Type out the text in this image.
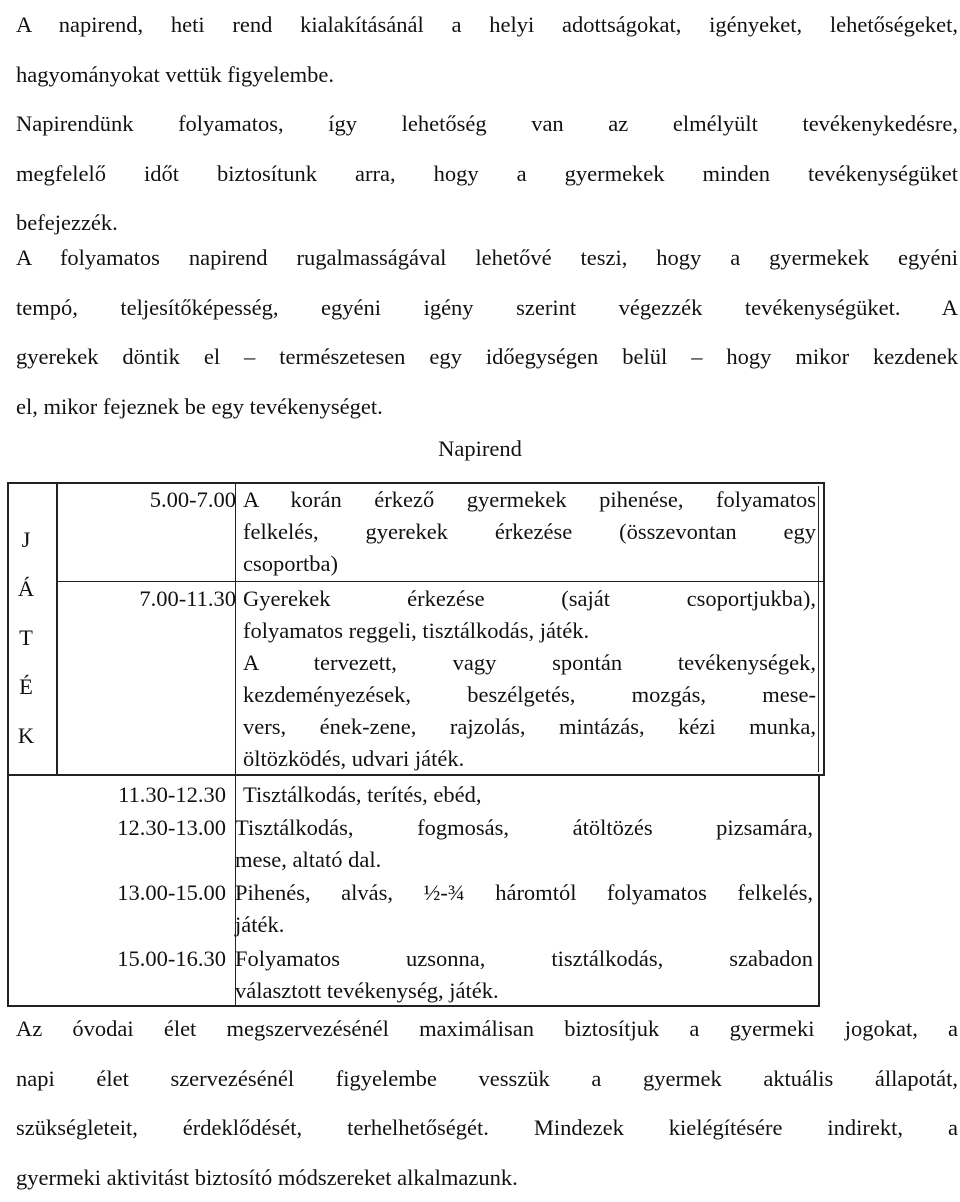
A napirend, heti rend kialakításánál a helyi adottságokat, igényeket, lehetőségeket,
hagyományokat vettük figyelembe.
Napirendünk folyamatos, így lehetőség van az elmélyült tevékenykedésre,
megfelelő időt biztosítunk arra, hogy a gyermekek minden tevékenységüket
befejezzék.
A folyamatos napirend rugalmasságával lehetővé teszi, hogy a gyermekek egyéni
tempó, teljesítőképesség, egyéni igény szerint végezzék tevékenységüket. A
gyerekek döntik el – természetesen egy időegységen belül – hogy mikor kezdenek
el, mikor fejeznek be egy tevékenységet.
Napirend
J
Á
T
É
K
5.00-7.00 A korán érkező gyermekek pihenése, folyamatos
felkelés, gyerekek érkezése (összevontan egy
csoportba)
7.00-11.30 Gyerekek érkezése (saját csoportjukba),
folyamatos reggeli, tisztálkodás, játék.
A tervezett, vagy spontán tevékenységek,
kezdeményezések, beszélgetés, mozgás, mese-
vers, ének-zene, rajzolás, mintázás, kézi munka,
öltözködés, udvari játék.
11.30-12.30 Tisztálkodás, terítés, ebéd,
12.30-13.00 Tisztálkodás, fogmosás, átöltözés pizsamára,
mese, altató dal.
13.00-15.00 Pihenés, alvás, ½-¾ háromtól folyamatos felkelés,
játék.
15.00-16.30 Folyamatos uzsonna, tisztálkodás, szabadon
választott tevékenység, játék.
Az óvodai élet megszervezésénél maximálisan biztosítjuk a gyermeki jogokat, a
napi élet szervezésénél figyelembe vesszük a gyermek aktuális állapotát,
szükségleteit, érdeklődését, terhelhetőségét. Mindezek kielégítésére indirekt, a
gyermeki aktivitást biztosító módszereket alkalmazunk.
